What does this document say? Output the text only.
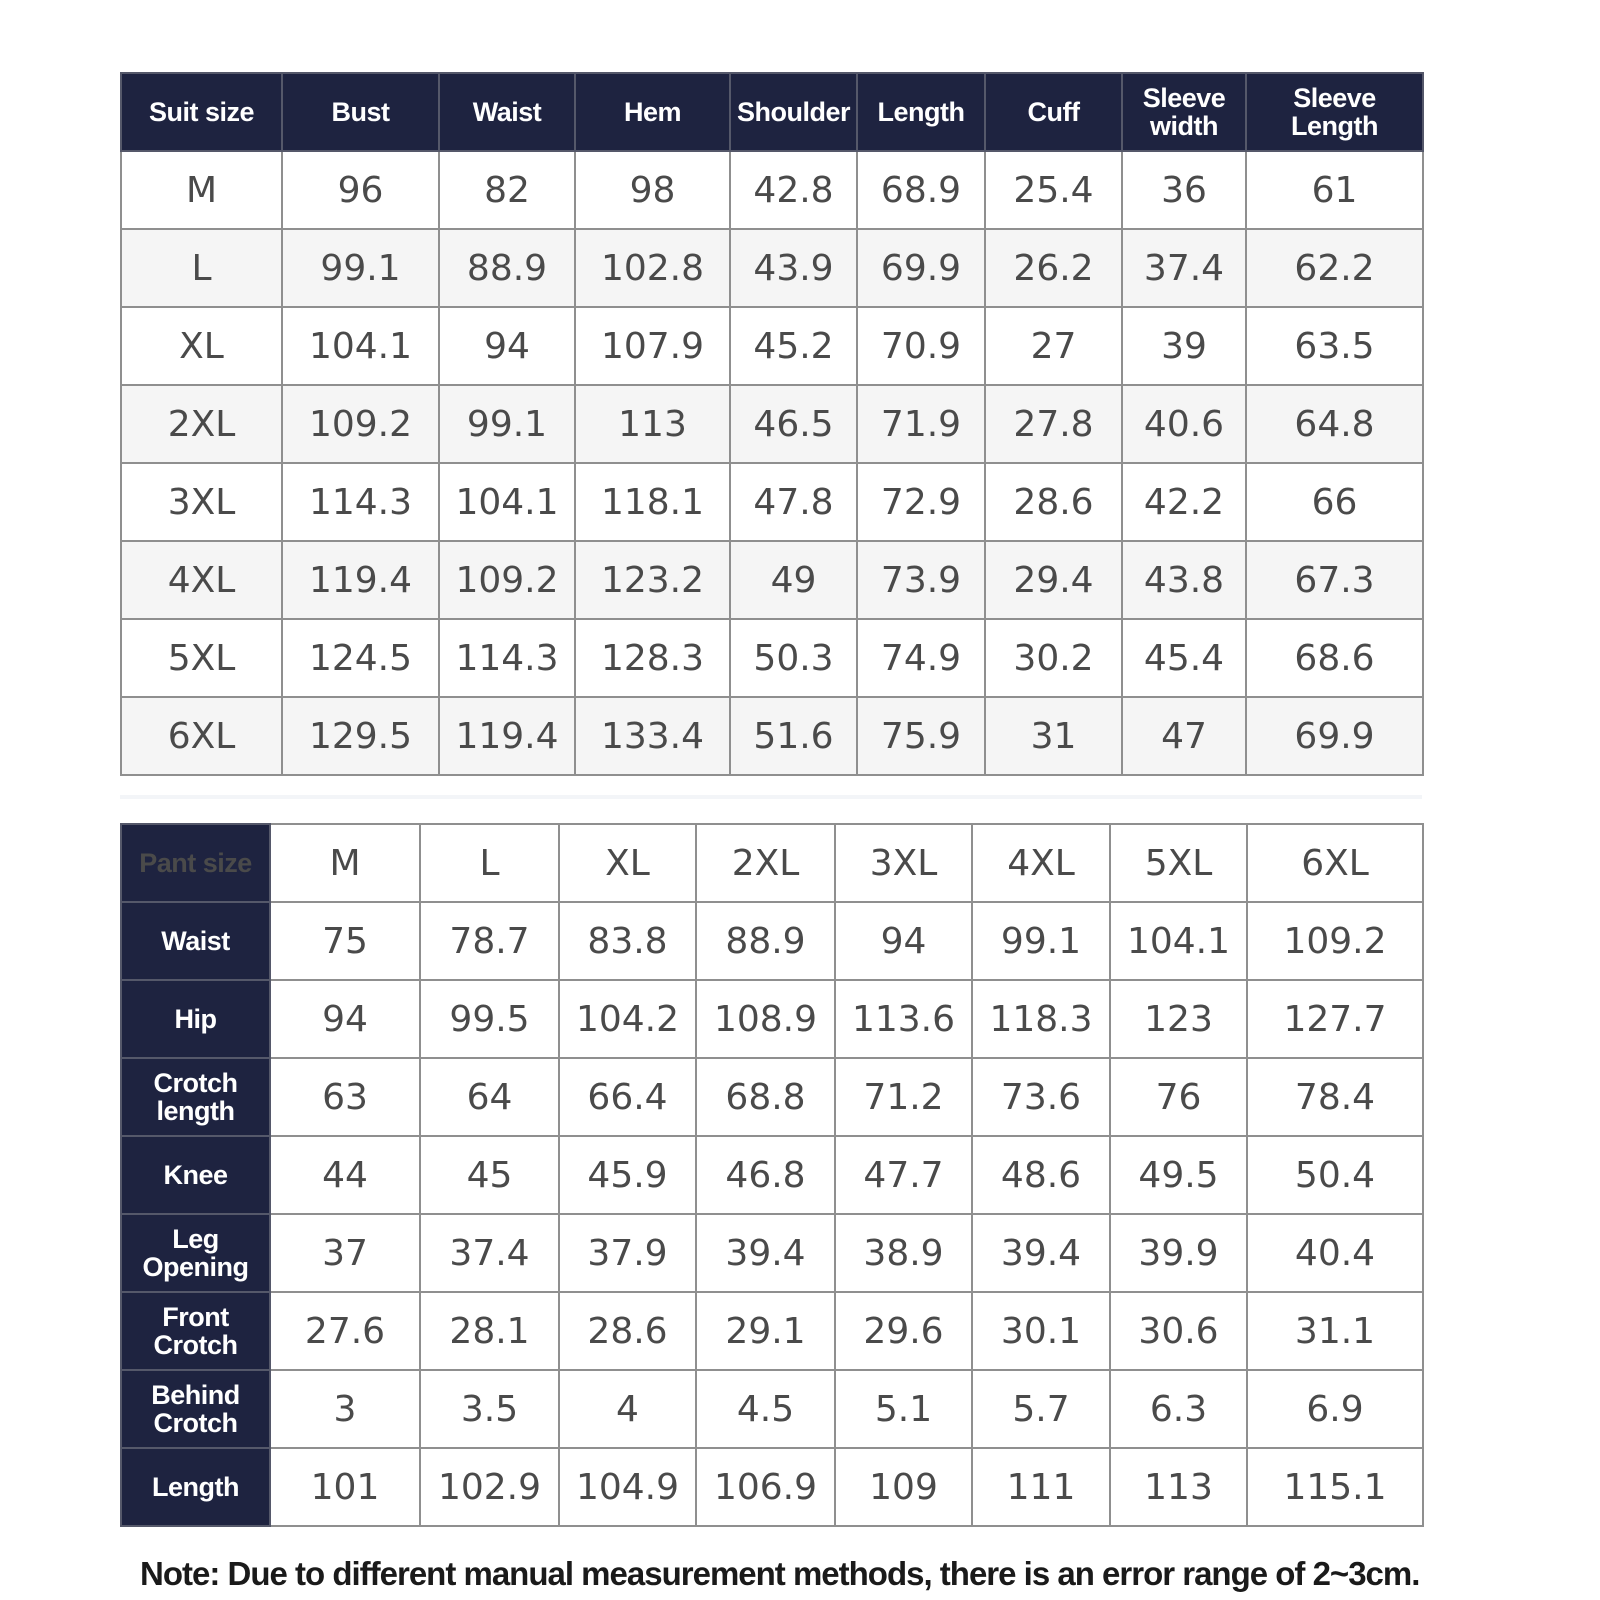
Suit size	Bust	Waist	Hem	Shoulder	Length	Cuff	Sleeve width	Sleeve Length
M	96	82	98	42.8	68.9	25.4	36	61
L	99.1	88.9	102.8	43.9	69.9	26.2	37.4	62.2
XL	104.1	94	107.9	45.2	70.9	27	39	63.5
2XL	109.2	99.1	113	46.5	71.9	27.8	40.6	64.8
3XL	114.3	104.1	118.1	47.8	72.9	28.6	42.2	66
4XL	119.4	109.2	123.2	49	73.9	29.4	43.8	67.3
5XL	124.5	114.3	128.3	50.3	74.9	30.2	45.4	68.6
6XL	129.5	119.4	133.4	51.6	75.9	31	47	69.9
Pant size	M	L	XL	2XL	3XL	4XL	5XL	6XL
Waist	75	78.7	83.8	88.9	94	99.1	104.1	109.2
Hip	94	99.5	104.2	108.9	113.6	118.3	123	127.7
Crotch length	63	64	66.4	68.8	71.2	73.6	76	78.4
Knee	44	45	45.9	46.8	47.7	48.6	49.5	50.4
Leg Opening	37	37.4	37.9	39.4	38.9	39.4	39.9	40.4
Front Crotch	27.6	28.1	28.6	29.1	29.6	30.1	30.6	31.1
Behind Crotch	3	3.5	4	4.5	5.1	5.7	6.3	6.9
Length	101	102.9	104.9	106.9	109	111	113	115.1
Note: Due to different manual measurement methods, there is an error range of 2~3cm.
